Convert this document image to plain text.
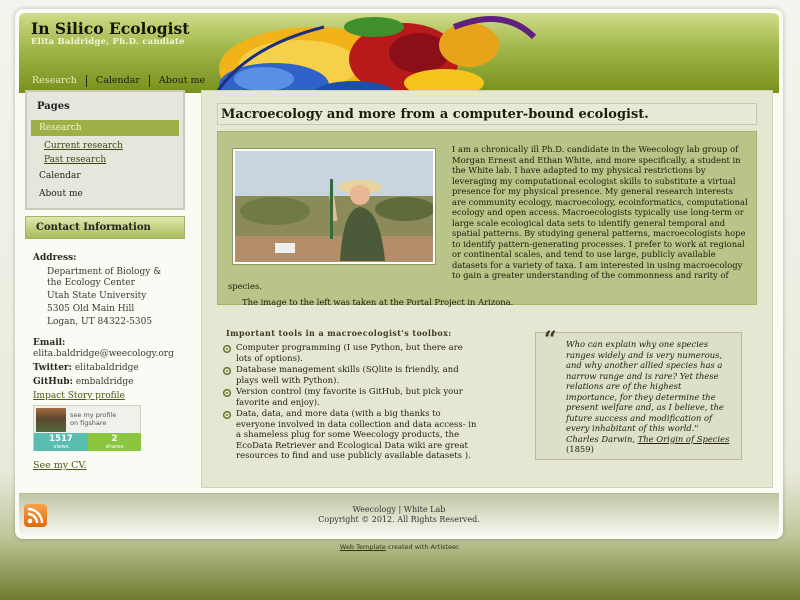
In Silico Ecologist
Elita Baldridge, Ph.D. candiate
Research	Calendar	About me
Pages
Research
Current research
Past research
Calendar
About me
Contact Information
Address:
Department of Biology & the Ecology Center
Utah State University
5305 Old Main Hill
Logan, UT 84322-5305
Email:
elita.baldridge@weecology.org
Twitter: elitabaldridge
GitHub: embaldridge
Impact Story profile
see my profile
on figshare
1517
views
2
shares
See my CV.
Macroecology and more from a computer-bound ecologist.
I am a chronically ill Ph.D. candidate in the Weecology lab group of Morgan Ernest and Ethan White, and more specifically, a student in the White lab. I have adapted to my physical restrictions by leveraging my computational ecologist skills to substitute a virtual presence for my physical presence. My general research interests are community ecology, macroecology, ecoinformatics, computational ecology and open access. Macroecologists typically use long-term or large scale ecological data sets to identify general temporal and spatial patterns. By studying general patterns, macroecologists hope to identify pattern-generating processes. I prefer to work at regional or continental scales, and tend to use large, publicly available datasets for a variety of taxa. I am interested in using macroecology to gain a greater understanding of the commonness and rarity of species.
The image to the left was taken at the Portal Project in Arizona.
Important tools in a macroecologist's toolbox:
Computer programming (I use Python, but there are lots of options).
Database management skills (SQlite is friendly, and plays well with Python).
Version control (my favorite is GitHub, but pick your favorite and enjoy).
Data, data, and more data (with a big thanks to everyone involved in data collection and data access- in a shameless plug for some Weecology products, the EcoData Retriever and Ecological Data wiki are great resources to find and use publicly available datasets ).
“ Who can explain why one species ranges widely and is very numerous, and why another allied species has a narrow range and is rare? Yet these relations are of the highest importance, for they determine the present welfare and, as I believe, the future success and modification of every inhabitant of this world." Charles Darwin, The Origin of Species (1859)
Weecology | White Lab
Copyright © 2012. All Rights Reserved.
Web Template created with Artisteer.
